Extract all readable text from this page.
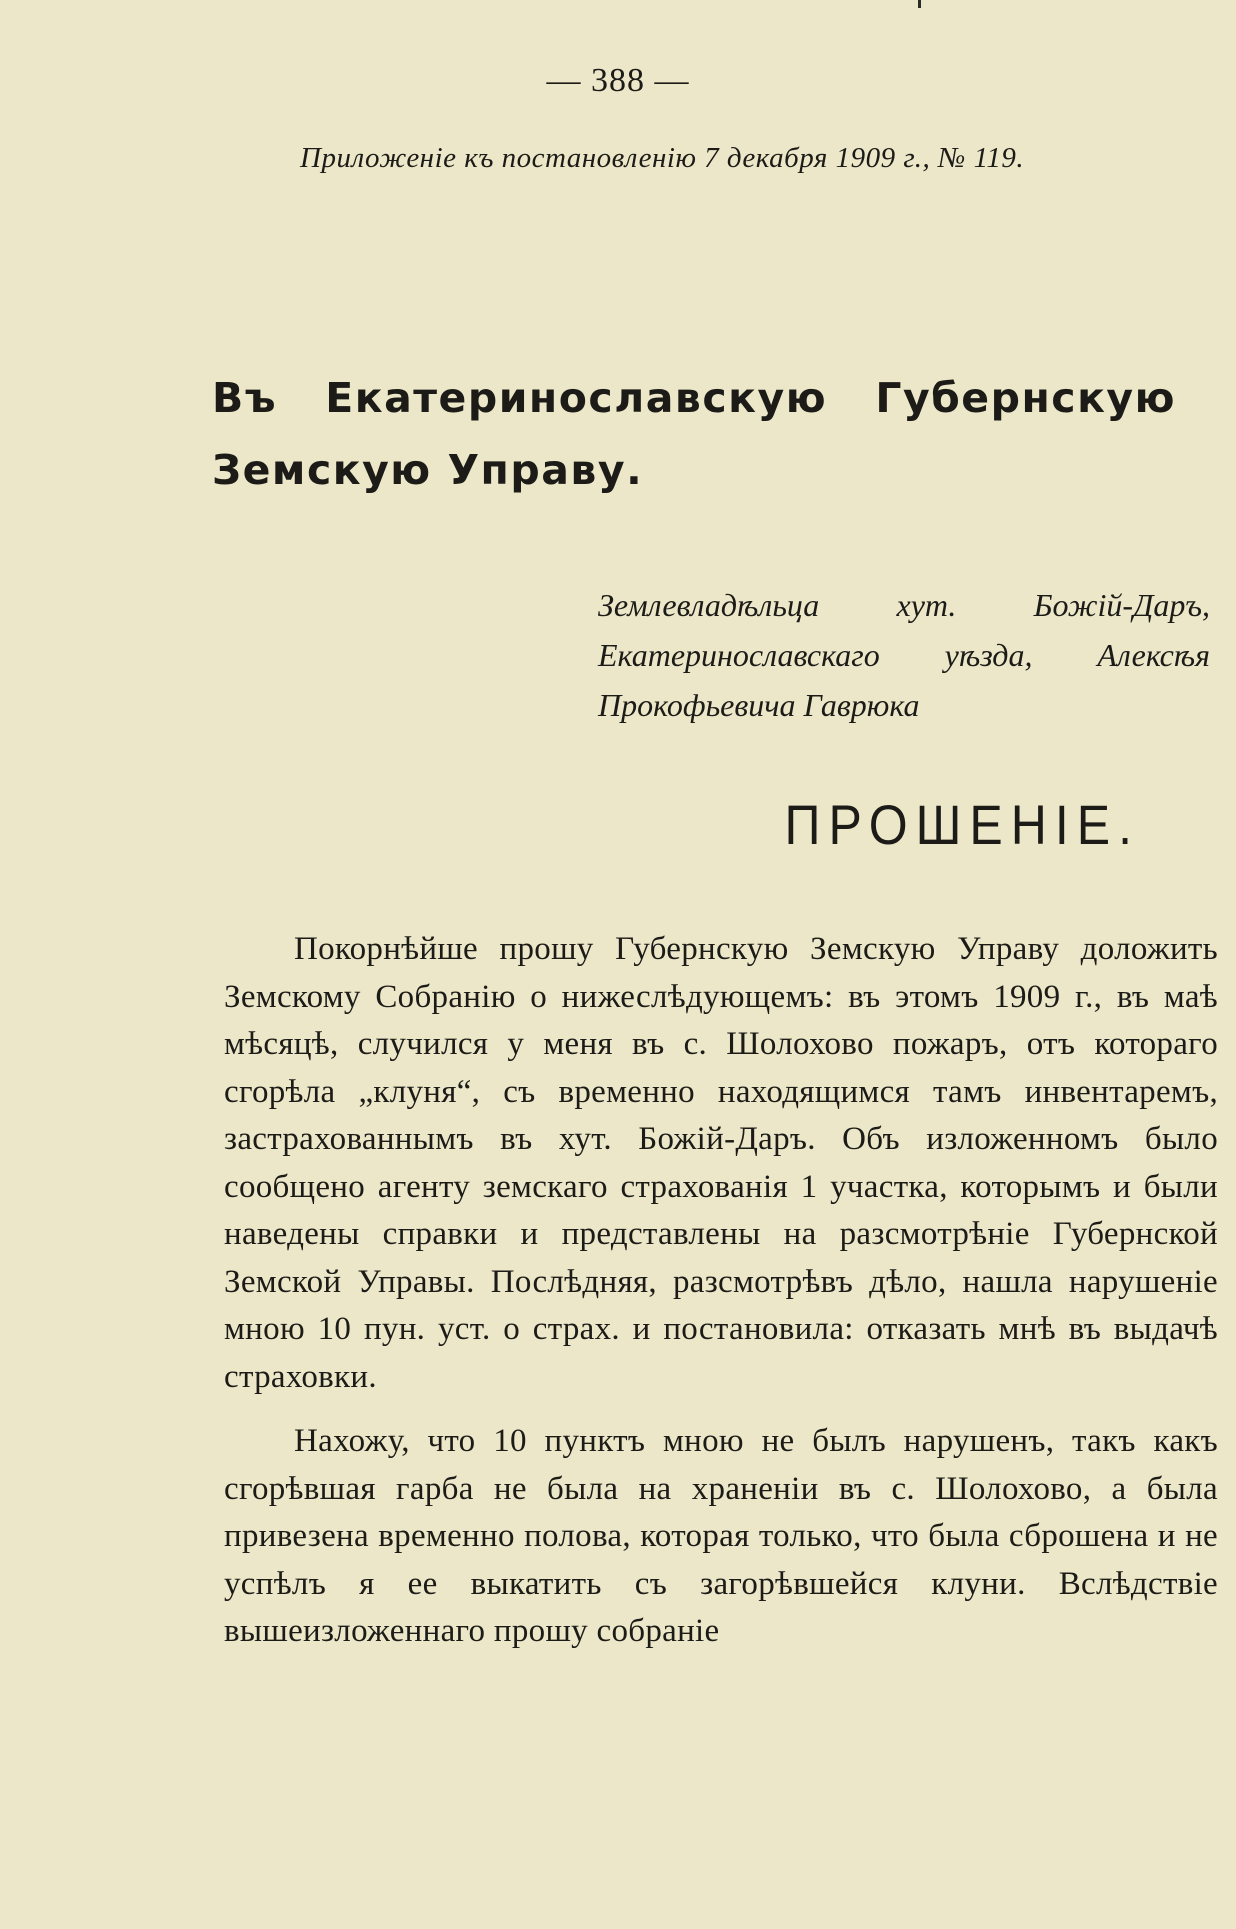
— 388 —
Приложеніе къ постановленію 7 декабря 1909 г., № 119.
Въ Екатеринославскую Губернскую Земскую Управу.
Землевладѣльца хут. Божій-Даръ, Екатеринославскаго уѣзда, Алексѣя Прокофьевича Гаврюка
ПРОШЕНІЕ.

Покорнѣйше прошу Губернскую Земскую Управу доложить Земскому Собранію о нижеслѣдующемъ: въ этомъ 1909 г., въ маѣ мѣсяцѣ, случился у меня въ с. Шолохово пожаръ, отъ котораго сгорѣла „клуня“, съ временно находящимся тамъ инвентаремъ, застрахованнымъ въ хут. Божій-Даръ. Объ изложенномъ было сообщено агенту земскаго страхованія 1 участка, которымъ и были наведены справки и представлены на разсмотрѣніе Губернской Земской Управы. Послѣдняя, разсмотрѣвъ дѣло, нашла нарушеніе мною 10 пун. уст. о страх. и постановила: отказать мнѣ въ выдачѣ страховки.

Нахожу, что 10 пунктъ мною не былъ нарушенъ, такъ какъ сгорѣвшая гарба не была на храненіи въ с. Шолохово, а была привезена временно полова, которая только, что была сброшена и не успѣлъ я ее выкатить съ загорѣвшейся клуни. Вслѣдствіе вышеизложеннаго прошу собраніе
